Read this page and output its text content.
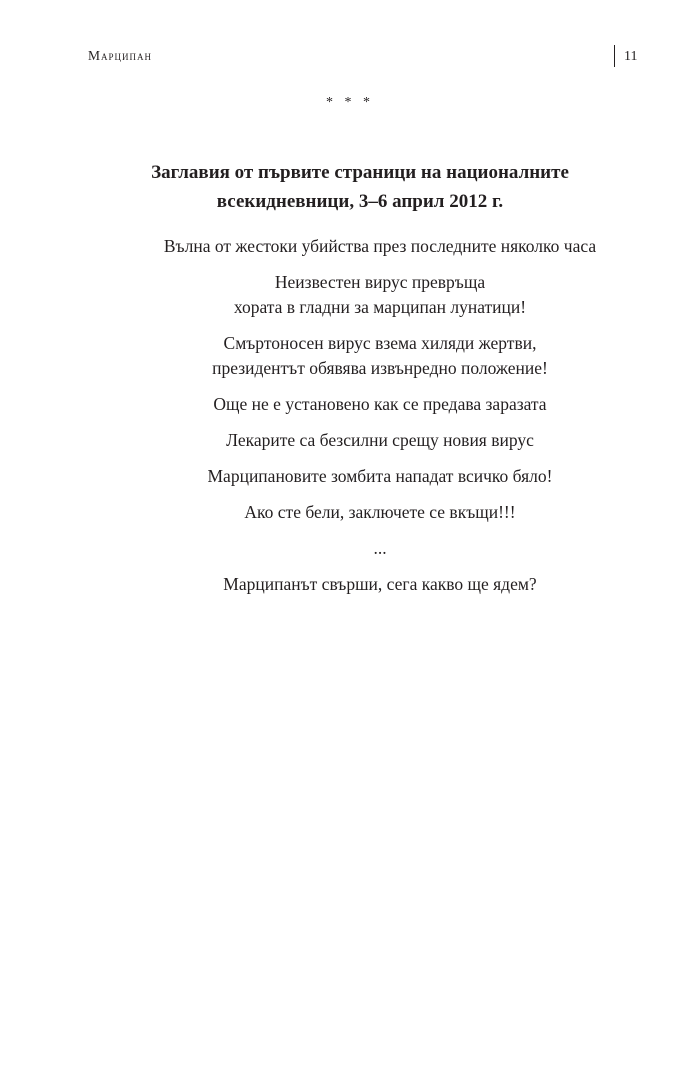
Марципан	11
* * *
Заглавия от първите страници на националните
всекидневници, 3–6 април 2012 г.
Вълна от жестоки убийства през последните няколко часа
Неизвестен вирус превръща
хората в гладни за марципан лунатици!
Смъртоносен вирус взема хиляди жертви,
президентът обявява извънредно положение!
Още не е установено как се предава заразата
Лекарите са безсилни срещу новия вирус
Марципановите зомбита нападат всичко бяло!
Ако сте бели, заключете се вкъщи!!!
...
Марципанът свърши, сега какво ще ядем?
